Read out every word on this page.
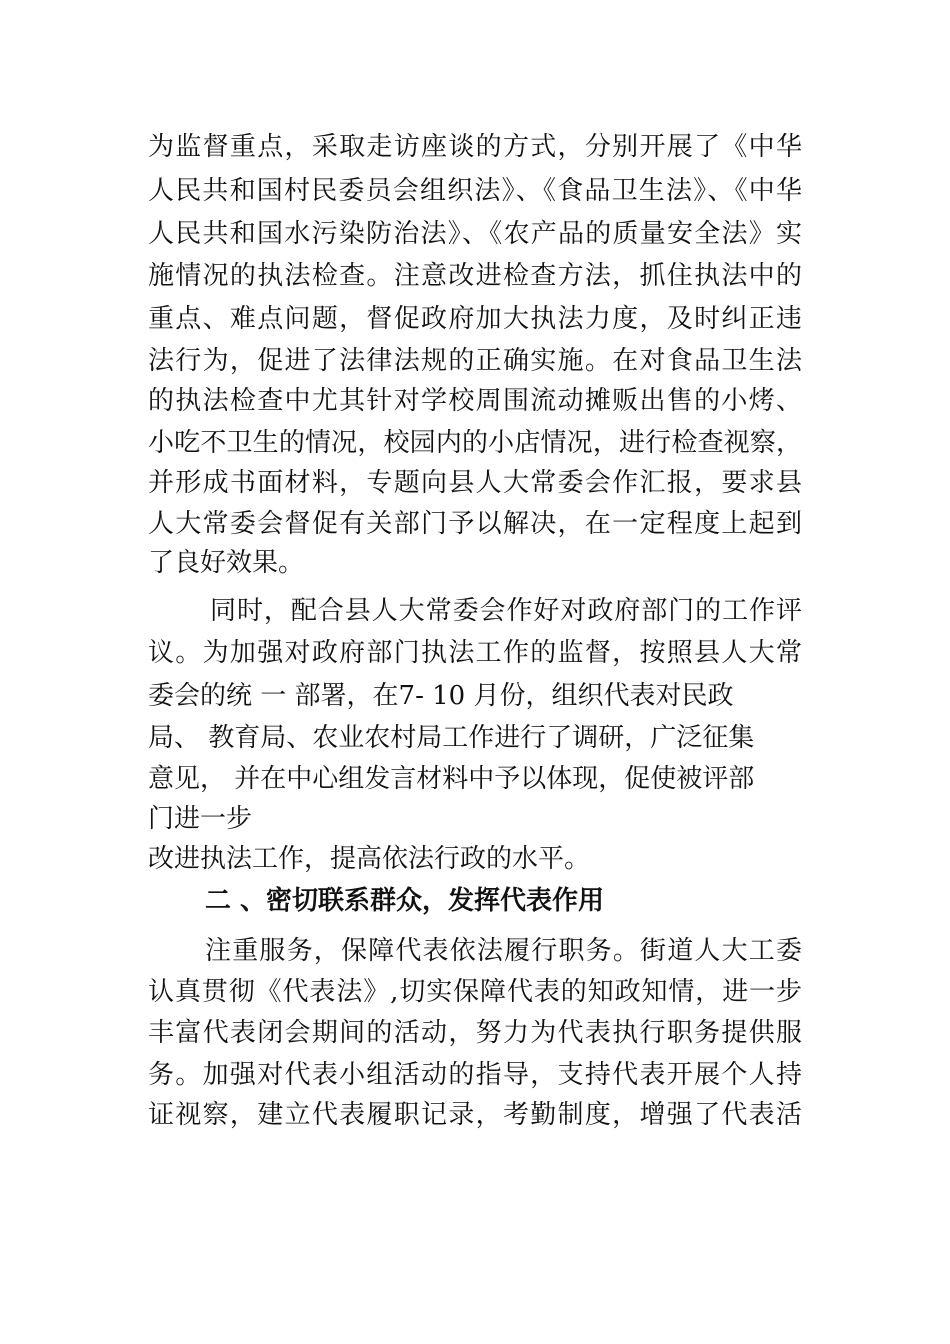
为监督重点，采取走访座谈的方式，分别开展了《中华
人民共和国村民委员会组织法》、《食品卫生法》、《中华
人民共和国水污染防治法》、《农产品的质量安全法》实
施情况的执法检查。注意改进检查方法，抓住执法中的
重点、难点问题，督促政府加大执法力度，及时纠正违
法行为，促进了法律法规的正确实施。在对食品卫生法
的执法检查中尤其针对学校周围流动摊贩出售的小烤、
小吃不卫生的情况，校园内的小店情况，进行检查视察，
并形成书面材料，专题向县人大常委会作汇报，要求县
人大常委会督促有关部门予以解决，在一定程度上起到
了良好效果。
同时，配合县人大常委会作好对政府部门的工作评
议。为加强对政府部门执法工作的监督，按照县人大常
委会的统 一 部署，在7- 10 月份，组织代表对民政
局、 教育局、农业农村局工作进行了调研，广泛征集
意见， 并在中心组发言材料中予以体现，促使被评部
门进一步
改进执法工作，提高依法行政的水平。
二 、密切联系群众，发挥代表作用
注重服务，保障代表依法履行职务。街道人大工委
认真贯彻《代表法》,切实保障代表的知政知情，进一步
丰富代表闭会期间的活动，努力为代表执行职务提供服
务。加强对代表小组活动的指导，支持代表开展个人持
证视察，建立代表履职记录，考勤制度，增强了代表活
